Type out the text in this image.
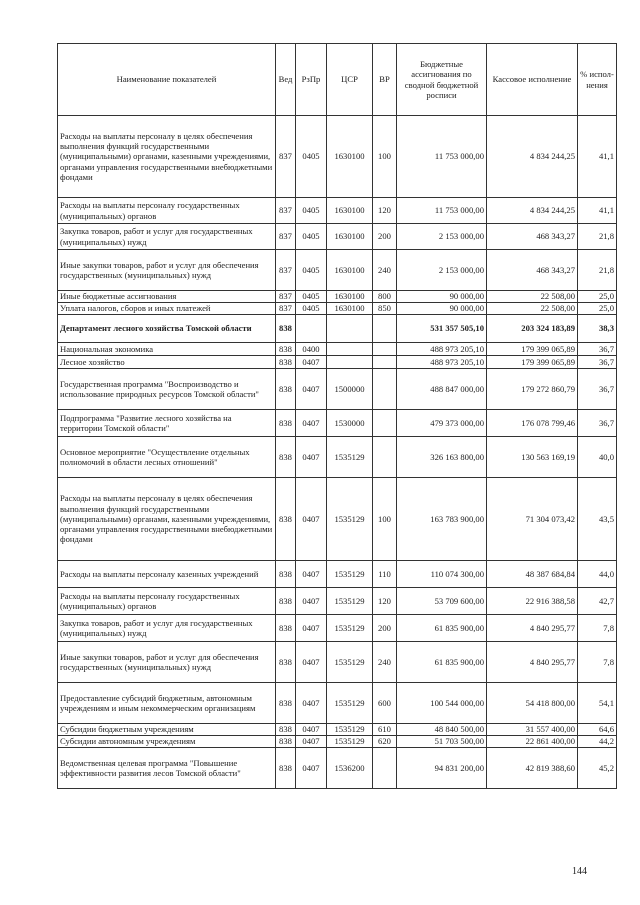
Наименование показателей	Вед	РзПр	ЦСР	ВР	Бюджетные ассигнования по сводной бюджетной росписи	Кассовое исполнение	% испол-нения
Расходы на выплаты персоналу в целях обеспечения выполнения функций государственными (муниципальными) органами, казенными учреждениями, органами управления государственными внебюджетными фондами	837	0405	1630100	100	11 753 000,00	4 834 244,25	41,1
Расходы на выплаты персоналу государственных (муниципальных) органов	837	0405	1630100	120	11 753 000,00	4 834 244,25	41,1
Закупка товаров, работ и услуг для государственных (муниципальных) нужд	837	0405	1630100	200	2 153 000,00	468 343,27	21,8
Иные закупки товаров, работ и услуг для обеспечения государственных (муниципальных) нужд	837	0405	1630100	240	2 153 000,00	468 343,27	21,8
Иные бюджетные ассигнования	837	0405	1630100	800	90 000,00	22 508,00	25,0
Уплата налогов, сборов и иных платежей	837	0405	1630100	850	90 000,00	22 508,00	25,0
Департамент лесного хозяйства Томской области	838				531 357 505,10	203 324 183,89	38,3
Национальная экономика	838	0400			488 973 205,10	179 399 065,89	36,7
Лесное хозяйство	838	0407			488 973 205,10	179 399 065,89	36,7
Государственная программа "Воспроизводство и использование природных ресурсов Томской области"	838	0407	1500000		488 847 000,00	179 272 860,79	36,7
Подпрограмма "Развитие лесного хозяйства на территории Томской области"	838	0407	1530000		479 373 000,00	176 078 799,46	36,7
Основное мероприятие "Осуществление отдельных полномочий в области лесных отношений"	838	0407	1535129		326 163 800,00	130 563 169,19	40,0
Расходы на выплаты персоналу в целях обеспечения выполнения функций государственными (муниципальными) органами, казенными учреждениями, органами управления государственными внебюджетными фондами	838	0407	1535129	100	163 783 900,00	71 304 073,42	43,5
Расходы на выплаты персоналу казенных учреждений	838	0407	1535129	110	110 074 300,00	48 387 684,84	44,0
Расходы на выплаты персоналу государственных (муниципальных) органов	838	0407	1535129	120	53 709 600,00	22 916 388,58	42,7
Закупка товаров, работ и услуг для государственных (муниципальных) нужд	838	0407	1535129	200	61 835 900,00	4 840 295,77	7,8
Иные закупки товаров, работ и услуг для обеспечения государственных (муниципальных) нужд	838	0407	1535129	240	61 835 900,00	4 840 295,77	7,8
Предоставление субсидий бюджетным, автономным учреждениям и иным некоммерческим организациям	838	0407	1535129	600	100 544 000,00	54 418 800,00	54,1
Субсидии бюджетным учреждениям	838	0407	1535129	610	48 840 500,00	31 557 400,00	64,6
Субсидии автономным учреждениям	838	0407	1535129	620	51 703 500,00	22 861 400,00	44,2
Ведомственная целевая программа "Повышение эффективности развития лесов Томской области"	838	0407	1536200		94 831 200,00	42 819 388,60	45,2
144
